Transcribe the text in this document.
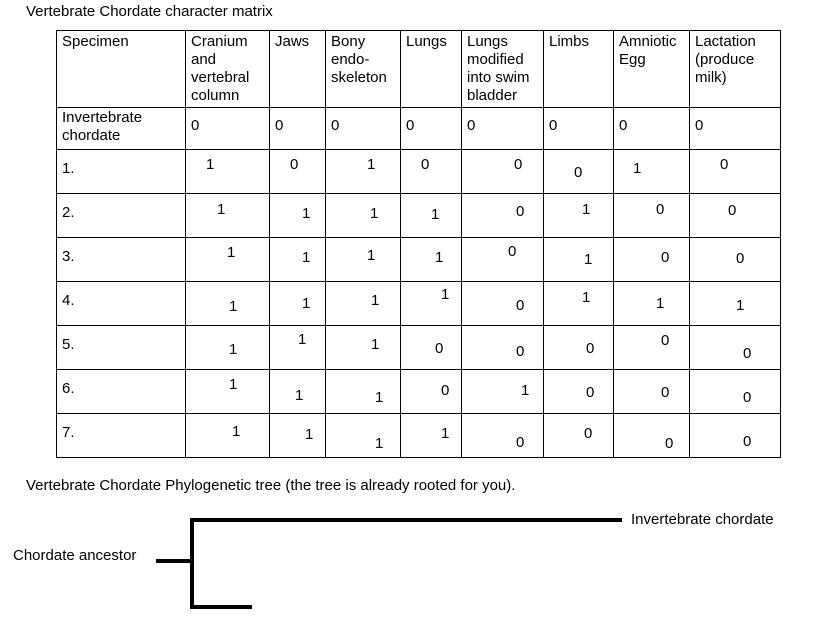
Vertebrate Chordate character matrix
Specimen	Cranium
and
vertebral
column	Jaws	Bony
endo-
skeleton	Lungs	Lungs
modified
into swim
bladder	Limbs	Amniotic
Egg	Lactation
(produce
milk)

Invertebrate
chordate	0	0	0	0	0	0	0	0

1.	1	0	1	0	0	0	1	0

2.	1	1	1	1	0	1	0	0

3.	1	1	1	1	0	1	0	0

4.	1	1	1	1	0	1	1	1

5.	1	1	1	0	0	0	0	0

6.	1	1	1	0	1	0	0	0

7.	1	1	1	1	0	0	0	0
Vertebrate Chordate Phylogenetic tree (the tree is already rooted for you).
Invertebrate chordate
Chordate ancestor
